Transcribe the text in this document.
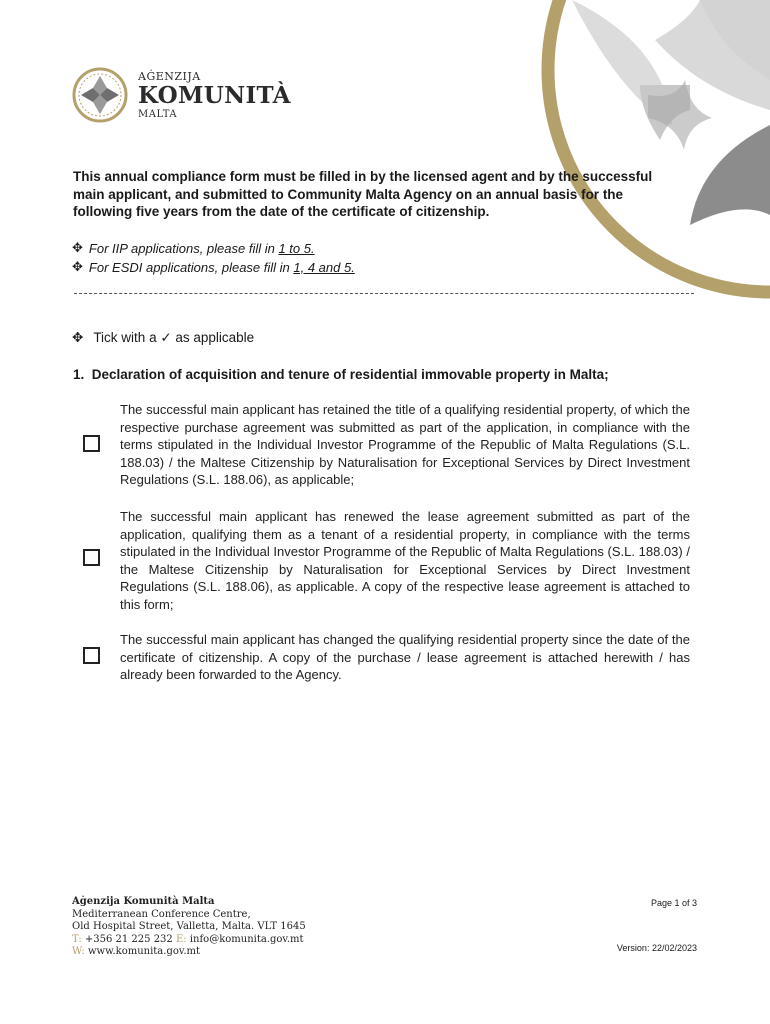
AĠENZIJA
KOMUNITÀ
MALTA

This annual compliance form must be filled in by the licensed agent and by the successful main applicant, and submitted to Community Malta Agency on an annual basis for the following five years from the date of the certificate of citizenship.

✥ For IIP applications, please fill in 1 to 5.
✥ For ESDI applications, please fill in 1, 4 and 5.
✥ Tick with a ✓ as applicable

1.  Declaration of acquisition and tenure of residential immovable property in Malta;

The successful main applicant has retained the title of a qualifying residential property, of which the respective purchase agreement was submitted as part of the application, in compliance with the terms stipulated in the Individual Investor Programme of the Republic of Malta Regulations (S.L. 188.03) / the Maltese Citizenship by Naturalisation for Exceptional Services by Direct Investment Regulations (S.L. 188.06), as applicable;

The successful main applicant has renewed the lease agreement submitted as part of the application, qualifying them as a tenant of a residential property, in compliance with the terms stipulated in the Individual Investor Programme of the Republic of Malta Regulations (S.L. 188.03) / the Maltese Citizenship by Naturalisation for Exceptional Services by Direct Investment Regulations (S.L. 188.06), as applicable. A copy of the respective lease agreement is attached to this form;

The successful main applicant has changed the qualifying residential property since the date of the certificate of citizenship. A copy of the purchase / lease agreement is attached herewith / has already been forwarded to the Agency.

Aġenzija Komunità Malta
Mediterranean Conference Centre,
Old Hospital Street, Valletta, Malta. VLT 1645
T: +356 21 225 232 E: info@komunita.gov.mt
W: www.komunita.gov.mt
Page 1 of 3
Version: 22/02/2023
